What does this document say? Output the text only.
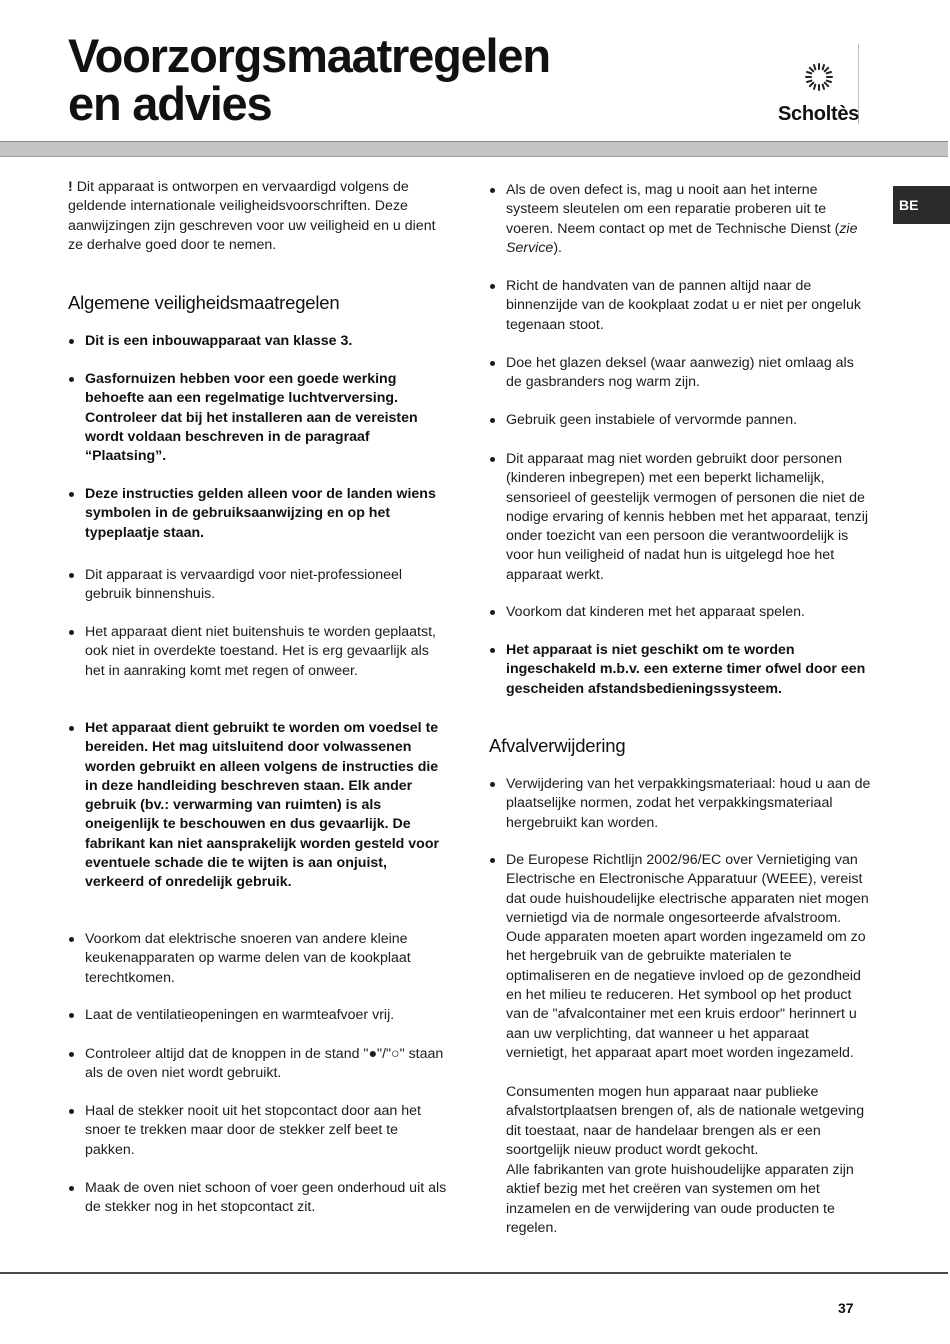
Voorzorgsmaatregelen
en advies	Scholtès
BE

! Dit apparaat is ontworpen en vervaardigd volgens de geldende internationale veiligheidsvoorschriften. Deze aanwijzingen zijn geschreven voor uw veiligheid en u dient ze derhalve goed door te nemen.

Algemene veiligheidsmaatregelen

Dit is een inbouwapparaat van klasse 3.

Gasfornuizen hebben voor een goede werking behoefte aan een regelmatige luchtverversing. Controleer dat bij het installeren aan de vereisten wordt voldaan beschreven in de paragraaf “Plaatsing”.

Deze instructies gelden alleen voor de landen wiens symbolen in de gebruiksaanwijzing en op het typeplaatje staan.

Dit apparaat is vervaardigd voor niet-professioneel gebruik binnenshuis.

Het apparaat dient niet buitenshuis te worden geplaatst, ook niet in overdekte toestand. Het is erg gevaarlijk als het in aanraking komt met regen of onweer.

Het apparaat dient gebruikt te worden om voedsel te bereiden. Het mag uitsluitend door volwassenen worden gebruikt en alleen volgens de instructies die in deze handleiding beschreven staan. Elk ander gebruik (bv.: verwarming van ruimten) is als oneigenlijk te beschouwen en dus gevaarlijk. De fabrikant kan niet aansprakelijk worden gesteld voor eventuele schade die te wijten is aan onjuist, verkeerd of onredelijk gebruik.

Voorkom dat elektrische snoeren van andere kleine keukenapparaten op warme delen van de kookplaat terechtkomen.

Laat de ventilatieopeningen en warmteafvoer vrij.

Controleer altijd dat de knoppen in de stand "●"/"○" staan als de oven niet wordt gebruikt.

Haal de stekker nooit uit het stopcontact door aan het snoer te trekken maar door de stekker zelf beet te pakken.

Maak de oven niet schoon of voer geen onderhoud uit als de stekker nog in het stopcontact zit.

Als de oven defect is, mag u nooit aan het interne systeem sleutelen om een reparatie proberen uit te voeren. Neem contact op met de Technische Dienst (zie Service).

Richt de handvaten van de pannen altijd naar de binnenzijde van de kookplaat zodat u er niet per ongeluk tegenaan stoot.

Doe het glazen deksel (waar aanwezig) niet omlaag als de gasbranders nog warm zijn.

Gebruik geen instabiele of vervormde pannen.

Dit apparaat mag niet worden gebruikt door personen (kinderen inbegrepen) met een beperkt lichamelijk, sensorieel of geestelijk vermogen of personen die niet de nodige ervaring of kennis hebben met het apparaat, tenzij onder toezicht van een persoon die verantwoordelijk is voor hun veiligheid of nadat hun is uitgelegd hoe het apparaat werkt.

Voorkom dat kinderen met het apparaat spelen.

Het apparaat is niet geschikt om te worden ingeschakeld m.b.v. een externe timer ofwel door een gescheiden afstandsbedieningssysteem.

Afvalverwijdering

Verwijdering van het verpakkingsmateriaal: houd u aan de plaatselijke normen, zodat het verpakkingsmateriaal hergebruikt kan worden.

De Europese Richtlijn 2002/96/EC over Vernietiging van Electrische en Electronische Apparatuur (WEEE), vereist dat oude huishoudelijke electrische apparaten niet mogen vernietigd via de normale ongesorteerde afvalstroom. Oude apparaten moeten apart worden ingezameld om zo het hergebruik van de gebruikte materialen te optimaliseren en de negatieve invloed op de gezondheid en het milieu te reduceren. Het symbool op het product van de "afvalcontainer met een kruis erdoor" herinnert u aan uw verplichting, dat wanneer u het apparaat vernietigt, het apparaat apart moet worden ingezameld.

Consumenten mogen hun apparaat naar publieke afvalstortplaatsen brengen of, als de nationale wetgeving dit toestaat, naar de handelaar brengen als er een soortgelijk nieuw product wordt gekocht.

Alle fabrikanten van grote huishoudelijke apparaten zijn aktief bezig met het creëren van systemen om het inzamelen en de verwijdering van oude producten te regelen.

37
